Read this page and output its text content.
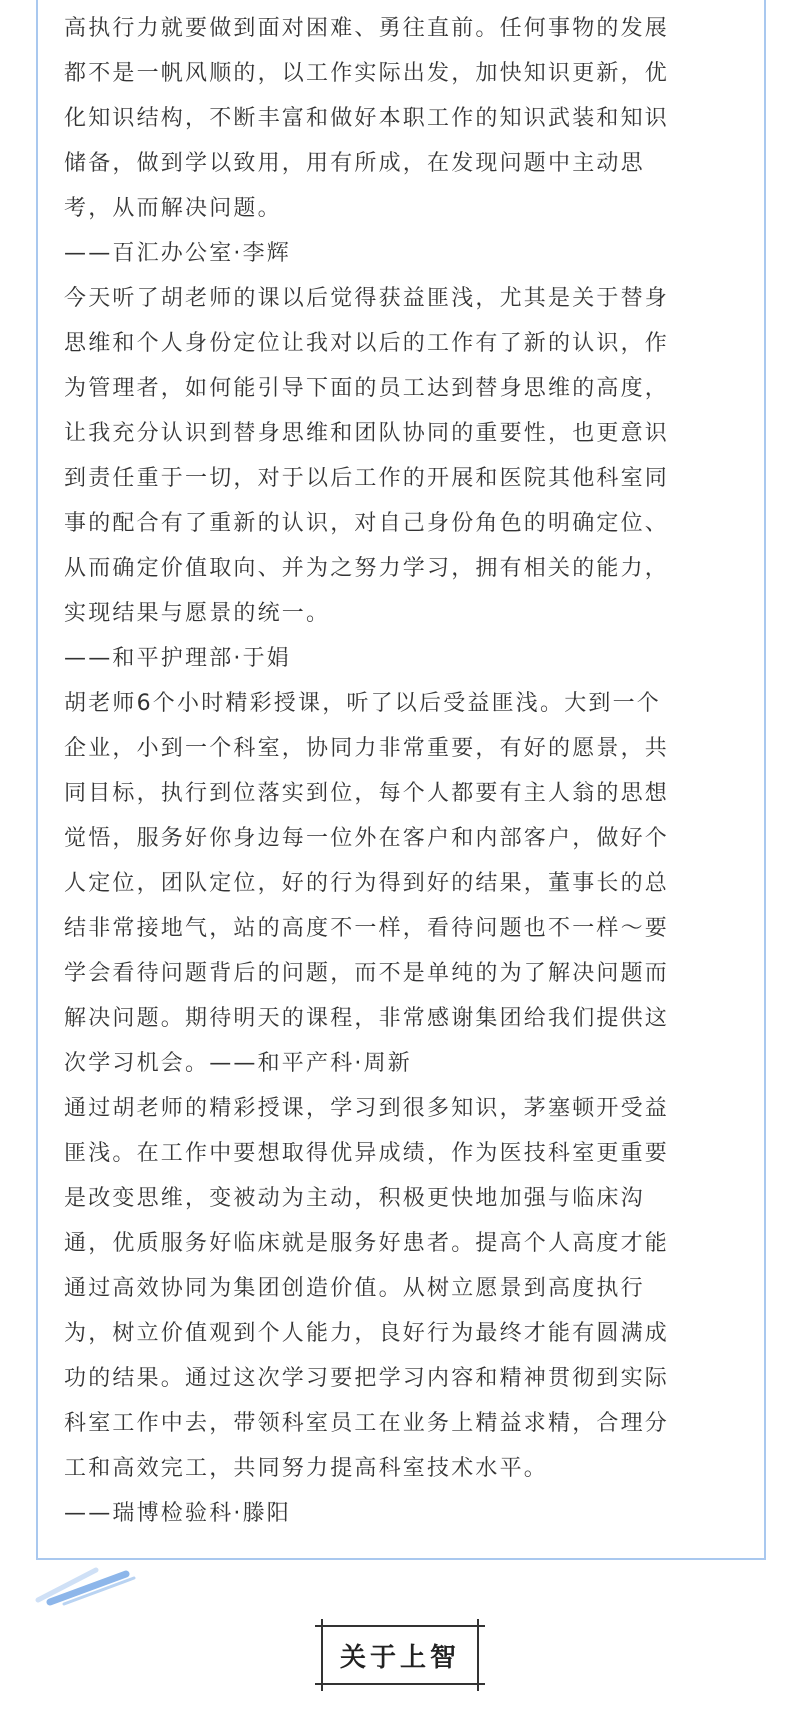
高执行力就要做到面对困难、勇往直前。任何事物的发展

都不是一帆风顺的，以工作实际出发，加快知识更新，优

化知识结构，不断丰富和做好本职工作的知识武装和知识

储备，做到学以致用，用有所成，在发现问题中主动思

考，从而解决问题。

——百汇办公室·李辉

今天听了胡老师的课以后觉得获益匪浅，尤其是关于替身

思维和个人身份定位让我对以后的工作有了新的认识，作

为管理者，如何能引导下面的员工达到替身思维的高度，

让我充分认识到替身思维和团队协同的重要性，也更意识

到责任重于一切，对于以后工作的开展和医院其他科室同

事的配合有了重新的认识，对自己身份角色的明确定位、

从而确定价值取向、并为之努力学习，拥有相关的能力，

实现结果与愿景的统一。

——和平护理部·于娟

胡老师6个小时精彩授课，听了以后受益匪浅。大到一个

企业，小到一个科室，协同力非常重要，有好的愿景，共

同目标，执行到位落实到位，每个人都要有主人翁的思想

觉悟，服务好你身边每一位外在客户和内部客户，做好个

人定位，团队定位，好的行为得到好的结果，董事长的总

结非常接地气，站的高度不一样，看待问题也不一样～要

学会看待问题背后的问题，而不是单纯的为了解决问题而

解决问题。期待明天的课程，非常感谢集团给我们提供这

次学习机会。——和平产科·周新

通过胡老师的精彩授课，学习到很多知识，茅塞顿开受益

匪浅。在工作中要想取得优异成绩，作为医技科室更重要

是改变思维，变被动为主动，积极更快地加强与临床沟

通，优质服务好临床就是服务好患者。提高个人高度才能

通过高效协同为集团创造价值。从树立愿景到高度执行

为，树立价值观到个人能力，良好行为最终才能有圆满成

功的结果。通过这次学习要把学习内容和精神贯彻到实际

科室工作中去，带领科室员工在业务上精益求精，合理分

工和高效完工，共同努力提高科室技术水平。

——瑞博检验科·滕阳

关于上智
